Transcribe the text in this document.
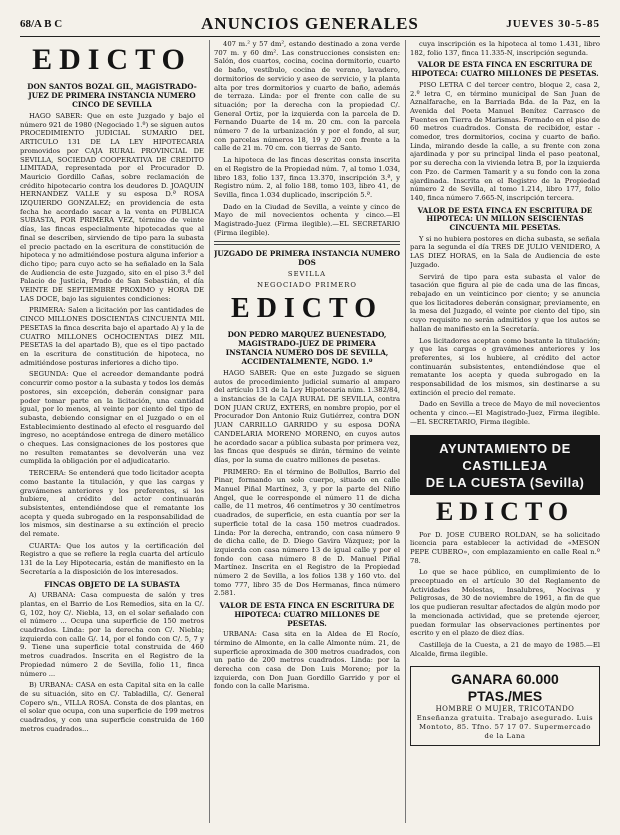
68/A B C	ANUNCIOS GENERALES	JUEVES 30-5-85
EDICTO
DON SANTOS BOZAL GIL, MAGISTRADO-JUEZ DE PRIMERA INSTANCIA NUMERO CINCO DE SEVILLA

HAGO SABER: Que en este Juzgado y bajo el número 921 de 1980 (Negociado 1.º) se siguen autos PROCEDIMIENTO JUDICIAL SUMARIO DEL ARTICULO 131 DE LA LEY HIPOTECARIA promovidos por CAJA RURAL PROVINCIAL DE SEVILLA, SOCIEDAD COOPERATIVA DE CREDITO LIMITADA, representada por el Procurador D. Mauricio Gordillo Cañas, sobre reclamación de crédito hipotecario contra los deudores D. JOAQUIN HERNANDEZ VALLE y su esposa D.ª ROSA IZQUIERDO GONZALEZ; en providencia de esta fecha he acordado sacar a la venta en PUBLICA SUBASTA, POR PRIMERA VEZ, término de veinte días, las fincas especialmente hipotecadas que al final se describen, sirviendo de tipo para la subasta el precio pactado en la escritura de constitución de hipoteca y no admitiéndose postura alguna inferior a dicho tipo; para cuyo acto se ha señalado en la Sala de Audiencia de este Juzgado, sito en el piso 3.º del Palacio de Justicia, Prado de San Sebastián, el día VEINTE DE SEPTIEMBRE PROXIMO y HORA DE LAS DOCE, bajo las siguientes condiciones:

PRIMERA: Salen a licitación por las cantidades de CINCO MILLONES DOSCIENTAS CINCUENTA MIL PESETAS la finca descrita bajo el apartado A) y la de CUATRO MILLONES OCHOCIENTAS DIEZ MIL PESETAS la del apartado B), que es el tipo pactado en la escritura de constitución de hipoteca, no admitiéndose posturas inferiores a dicho tipo.

SEGUNDA: Que el acreedor demandante podrá concurrir como postor a la subasta y todos los demás postores, sin excepción, deberán consignar para poder tomar parte en la licitación, una cantidad igual, por lo menos, al veinte por ciento del tipo de subasta, debiendo consignar en el Juzgado o en el Establecimiento destinado al efecto el resguardo del ingreso, no aceptándose entrega de dinero metálico o cheques. Las consignaciones de los postores que no resulten rematantes se devolverán una vez cumplida la obligación por el adjudicatario.

TERCERA: Se entenderá que todo licitador acepta como bastante la titulación, y que las cargas y gravámenes anteriores y los preferentes, si los hubiere, al crédito del actor continuarán subsistentes, entendiéndose que el rematante los acepta y queda subrogado en la responsabilidad de los mismos, sin destinarse a su extinción el precio del remate.

CUARTA: Que los autos y la certificación del Registro a que se refiere la regla cuarta del artículo 131 de la Ley Hipotecaria, están de manifiesto en la Secretaría a la disposición de los interesados.

FINCAS OBJETO DE LA SUBASTA

A) URBANA: Casa compuesta de salón y tres plantas, en el Barrio de Los Remedios, sita en la C/. G, 102, hoy C/. Niebla, 13, en el solar señalado con el número ... Ocupa una superficie de 150 metros cuadrados. Linda: por la derecha con C/. Niebla; izquierda con calle G/. 14, por el fondo con C/. 5, 7 y 9. Tiene una superficie total construida de 460 metros cuadrados. Inscrita en el Registro de la Propiedad número 2 de Sevilla, folio 11, finca número ...

B) URBANA: CASA en esta Capital sita en la calle de su situación, sito en C/. Tabladilla, C/. General Copero s/n., VILLA ROSA. Consta de dos plantas, en el solar que ocupa, con una superficie de 199 metros cuadrados, y con una superficie construida de 160 metros cuadrados...

407 m.² y 57 dm², estando destinado a zona verde 707 m. y 60 dm². Las construcciones consisten en: Salón, dos cuartos, cocina, cocina dormitorio, cuarto de baño, vestíbulo, cocina de verano, lavadero, dormitorios de servicio y aseo de servicio, y la planta alta por tres dormitorios y cuarto de baño, además de terraza. Linda: por el frente con calle de su situación; por la derecha con la propiedad C/. General Ortiz, por la izquierda con la parcela de D. Fernando Duarte de 14 m. 20 cm. con la parcela número 7 de la urbanización y por el fondo, al sur, con parcelas números 18, 19 y 20 con frente a la calle de 21 m. 70 cm. con tierras de Santo.

La hipoteca de las fincas descritas consta inscrita en el Registro de la Propiedad núm. 7, al tomo 1.034, libro 183, folio 137, finca 13.370, inscripción 3.ª, y Registro núm. 2, al folio 188, tomo 103, libro 41, de Sevilla, finca 1.034 duplicado, inscripción 5.ª.

Dado en la Ciudad de Sevilla, a veinte y cinco de Mayo de mil novecientos ochenta y cinco.—El Magistrado-Juez (Firma ilegible).—EL SECRETARIO (Firma ilegible).

JUZGADO DE PRIMERA INSTANCIA NUMERO DOS
SEVILLA
NEGOCIADO PRIMERO
EDICTO
DON PEDRO MARQUEZ BUENESTADO, MAGISTRADO-JUEZ DE PRIMERA INSTANCIA NUMERO DOS DE SEVILLA, ACCIDENTALMENTE, NGDO. 1.º

HAGO SABER: Que en este Juzgado se siguen autos de procedimiento judicial sumario al amparo del artículo 131 de la Ley Hipotecaria núm. 1.382/84, a instancias de la CAJA RURAL DE SEVILLA, contra DON JUAN CRUZ, EXTERS, en nombre propio, por el Procurador Don Antonio Ruiz Gutiérrez, contra DON JUAN CARRILLO GARRIDO y su esposa DOÑA CANDELARIA MORENO MORENO, en cuyos autos he acordado sacar a pública subasta por primera vez, las fincas que después se dirán, término de veinte días, por la suma de cuatro millones de pesetas.

PRIMERO: En el término de Bollullos, Barrio del Pinar, formando un solo cuerpo, situado en calle Manuel Piñal Martínez, 3, y por la parte del Niño Angel, que le corresponde el número 11 de dicha calle, de 11 metros, 46 centímetros y 30 centímetros cuadrados, de superficie, en esta cuantía por ser la superficie total de la casa 150 metros cuadrados. Linda: Por la derecha, entrando, con casa número 9 de dicha calle, de D. Diego Gavira Vázquez; por la izquierda con casa número 13 de igual calle y por el fondo con casa número 8 de D. Manuel Piñal Martínez. Inscrita en el Registro de la Propiedad número 2 de Sevilla, a los folios 138 y 160 vto. del tomo 777, libro 35 de Dos Hermanas, finca número 2.581.

VALOR DE ESTA FINCA EN ESCRITURA DE HIPOTECA: CUATRO MILLONES DE PESETAS.

URBANA: Casa sita en la Aldea de El Rocío, término de Almonte, en la calle Almonte núm. 21, de superficie aproximada de 300 metros cuadrados, con un patio de 200 metros cuadrados. Linda: por la derecha con casa de Don Luis Moreno; por la izquierda, con Don Juan Gordillo Garrido y por el fondo con la calle Marisma.

cuya inscripción es la hipoteca al tomo 1.431, libro 182, folio 137, finca 11.335-N, inscripción segunda.

VALOR DE ESTA FINCA EN ESCRITURA DE HIPOTECA: CUATRO MILLONES DE PESETAS.

PISO LETRA C del tercer centro, bloque 2, casa 2, 2.º letra C, en término municipal de San Juan de Aznalfarache, en la Barriada Bda. de la Paz, en la Avenida del Poeta Manuel Benítez Carrasco de Fuentes en Tierra de Marismas. Formado en el piso de 60 metros cuadrados. Consta de recibidor, estar - comedor, tres dormitorios, cocina y cuarto de baño. Linda, mirando desde la calle, a su frente con zona ajardinada y por su principal linda el paso peatonal, por su derecha con la vivienda letra B, por la izquierda con Pzo. de Carmen Tamarit y a su fondo con la zona ajardinada. Inscrita en el Registro de la Propiedad número 2 de Sevilla, al tomo 1.214, libro 177, folio 140, finca número 7.665-N, inscripción tercera.

VALOR DE ESTA FINCA EN ESCRITURA DE HIPOTECA: UN MILLON SEISCIENTAS CINCUENTA MIL PESETAS.

Y si no hubiera postores en dicha subasta, se señala para la segunda el día TRES DE JULIO VENIDERO, A LAS DIEZ HORAS, en la Sala de Audiencia de este Juzgado.

Servirá de tipo para esta subasta el valor de tasación que figura al pie de cada una de las fincas, rebajado en un veinticinco por ciento; y se anuncia que los licitadores deberán consignar, previamente, en la mesa del Juzgado, el veinte por ciento del tipo, sin cuyo requisito no serán admitidos y que los autos se hallan de manifiesto en la Secretaría.

Los licitadores aceptan como bastante la titulación; y que las cargas o gravámenes anteriores y los preferentes, si los hubiere, al crédito del actor continuarán subsistentes, entendiéndose que el rematante los acepta y queda subrogado en la responsabilidad de los mismos, sin destinarse a su extinción el precio del remate.

Dado en Sevilla a trece de Mayo de mil novecientos ochenta y cinco.—El Magistrado-Juez, Firma ilegible.—EL SECRETARIO, Firma ilegible.

AYUNTAMIENTO DE CASTILLEJA
DE LA CUESTA (Sevilla)
EDICTO

Por D. JOSE CUBERO ROLDAN, se ha solicitado licencia para establecer la actividad de «MESON PEPE CUBERO», con emplazamiento en calle Real n.º 78.

Lo que se hace público, en cumplimiento de lo preceptuado en el artículo 30 del Reglamento de Actividades Molestas, Insalubres, Nocivas y Peligrosas, de 30 de noviembre de 1961, a fin de que los que pudieran resultar afectados de algún modo por la mencionada actividad, que se pretende ejercer, puedan formular las observaciones pertinentes por escrito y en el plazo de diez días.

Castilleja de la Cuesta, a 21 de mayo de 1985.—El Alcalde, firma ilegible.

GANARA 60.000 PTAS./MES
HOMBRE O MUJER, TRICOTANDO
Enseñanza gratuita. Trabajo asegurado. Luis Montoto, 85. Tfno. 57 17 07. Supermercado de la Lana
